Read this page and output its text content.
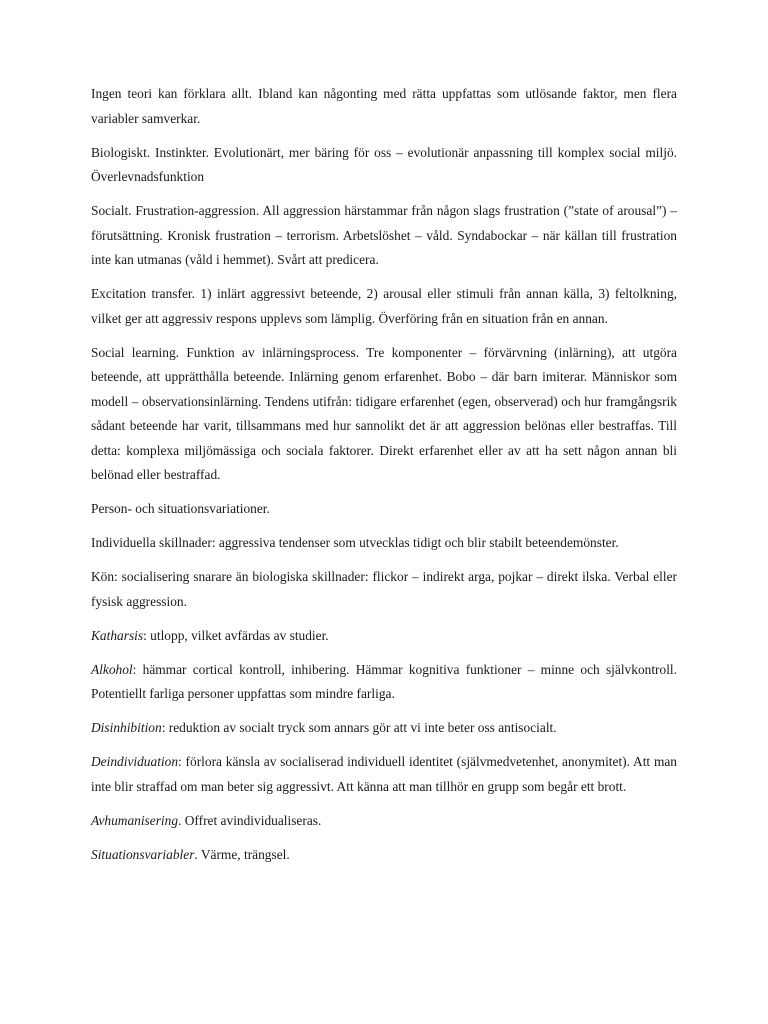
Ingen teori kan förklara allt. Ibland kan någonting med rätta uppfattas som utlösande faktor, men flera variabler samverkar.

Biologiskt. Instinkter. Evolutionärt, mer bäring för oss – evolutionär anpassning till komplex social miljö. Överlevnadsfunktion

Socialt. Frustration-aggression. All aggression härstammar från någon slags frustration (”state of arousal”) – förutsättning. Kronisk frustration – terrorism. Arbetslöshet – våld. Syndabockar – när källan till frustration inte kan utmanas (våld i hemmet). Svårt att predicera.

Excitation transfer. 1) inlärt aggressivt beteende, 2) arousal eller stimuli från annan källa, 3) feltolkning, vilket ger att aggressiv respons upplevs som lämplig. Överföring från en situation från en annan.

Social learning. Funktion av inlärningsprocess. Tre komponenter – förvärvning (inlärning), att utgöra beteende, att upprätthålla beteende. Inlärning genom erfarenhet. Bobo – där barn imiterar. Människor som modell – observationsinlärning. Tendens utifrån: tidigare erfarenhet (egen, observerad) och hur framgångsrik sådant beteende har varit, tillsammans med hur sannolikt det är att aggression belönas eller bestraffas. Till detta: komplexa miljömässiga och sociala faktorer. Direkt erfarenhet eller av att ha sett någon annan bli belönad eller bestraffad.

Person- och situationsvariationer.

Individuella skillnader: aggressiva tendenser som utvecklas tidigt och blir stabilt beteendemönster.

Kön: socialisering snarare än biologiska skillnader: flickor – indirekt arga, pojkar – direkt ilska. Verbal eller fysisk aggression.

Katharsis: utlopp, vilket avfärdas av studier.

Alkohol: hämmar cortical kontroll, inhibering. Hämmar kognitiva funktioner – minne och självkontroll. Potentiellt farliga personer uppfattas som mindre farliga.

Disinhibition: reduktion av socialt tryck som annars gör att vi inte beter oss antisocialt.

Deindividuation: förlora känsla av socialiserad individuell identitet (självmedvetenhet, anonymitet). Att man inte blir straffad om man beter sig aggressivt. Att känna att man tillhör en grupp som begår ett brott.

Avhumanisering. Offret avindividualiseras.

Situationsvariabler. Värme, trängsel.
